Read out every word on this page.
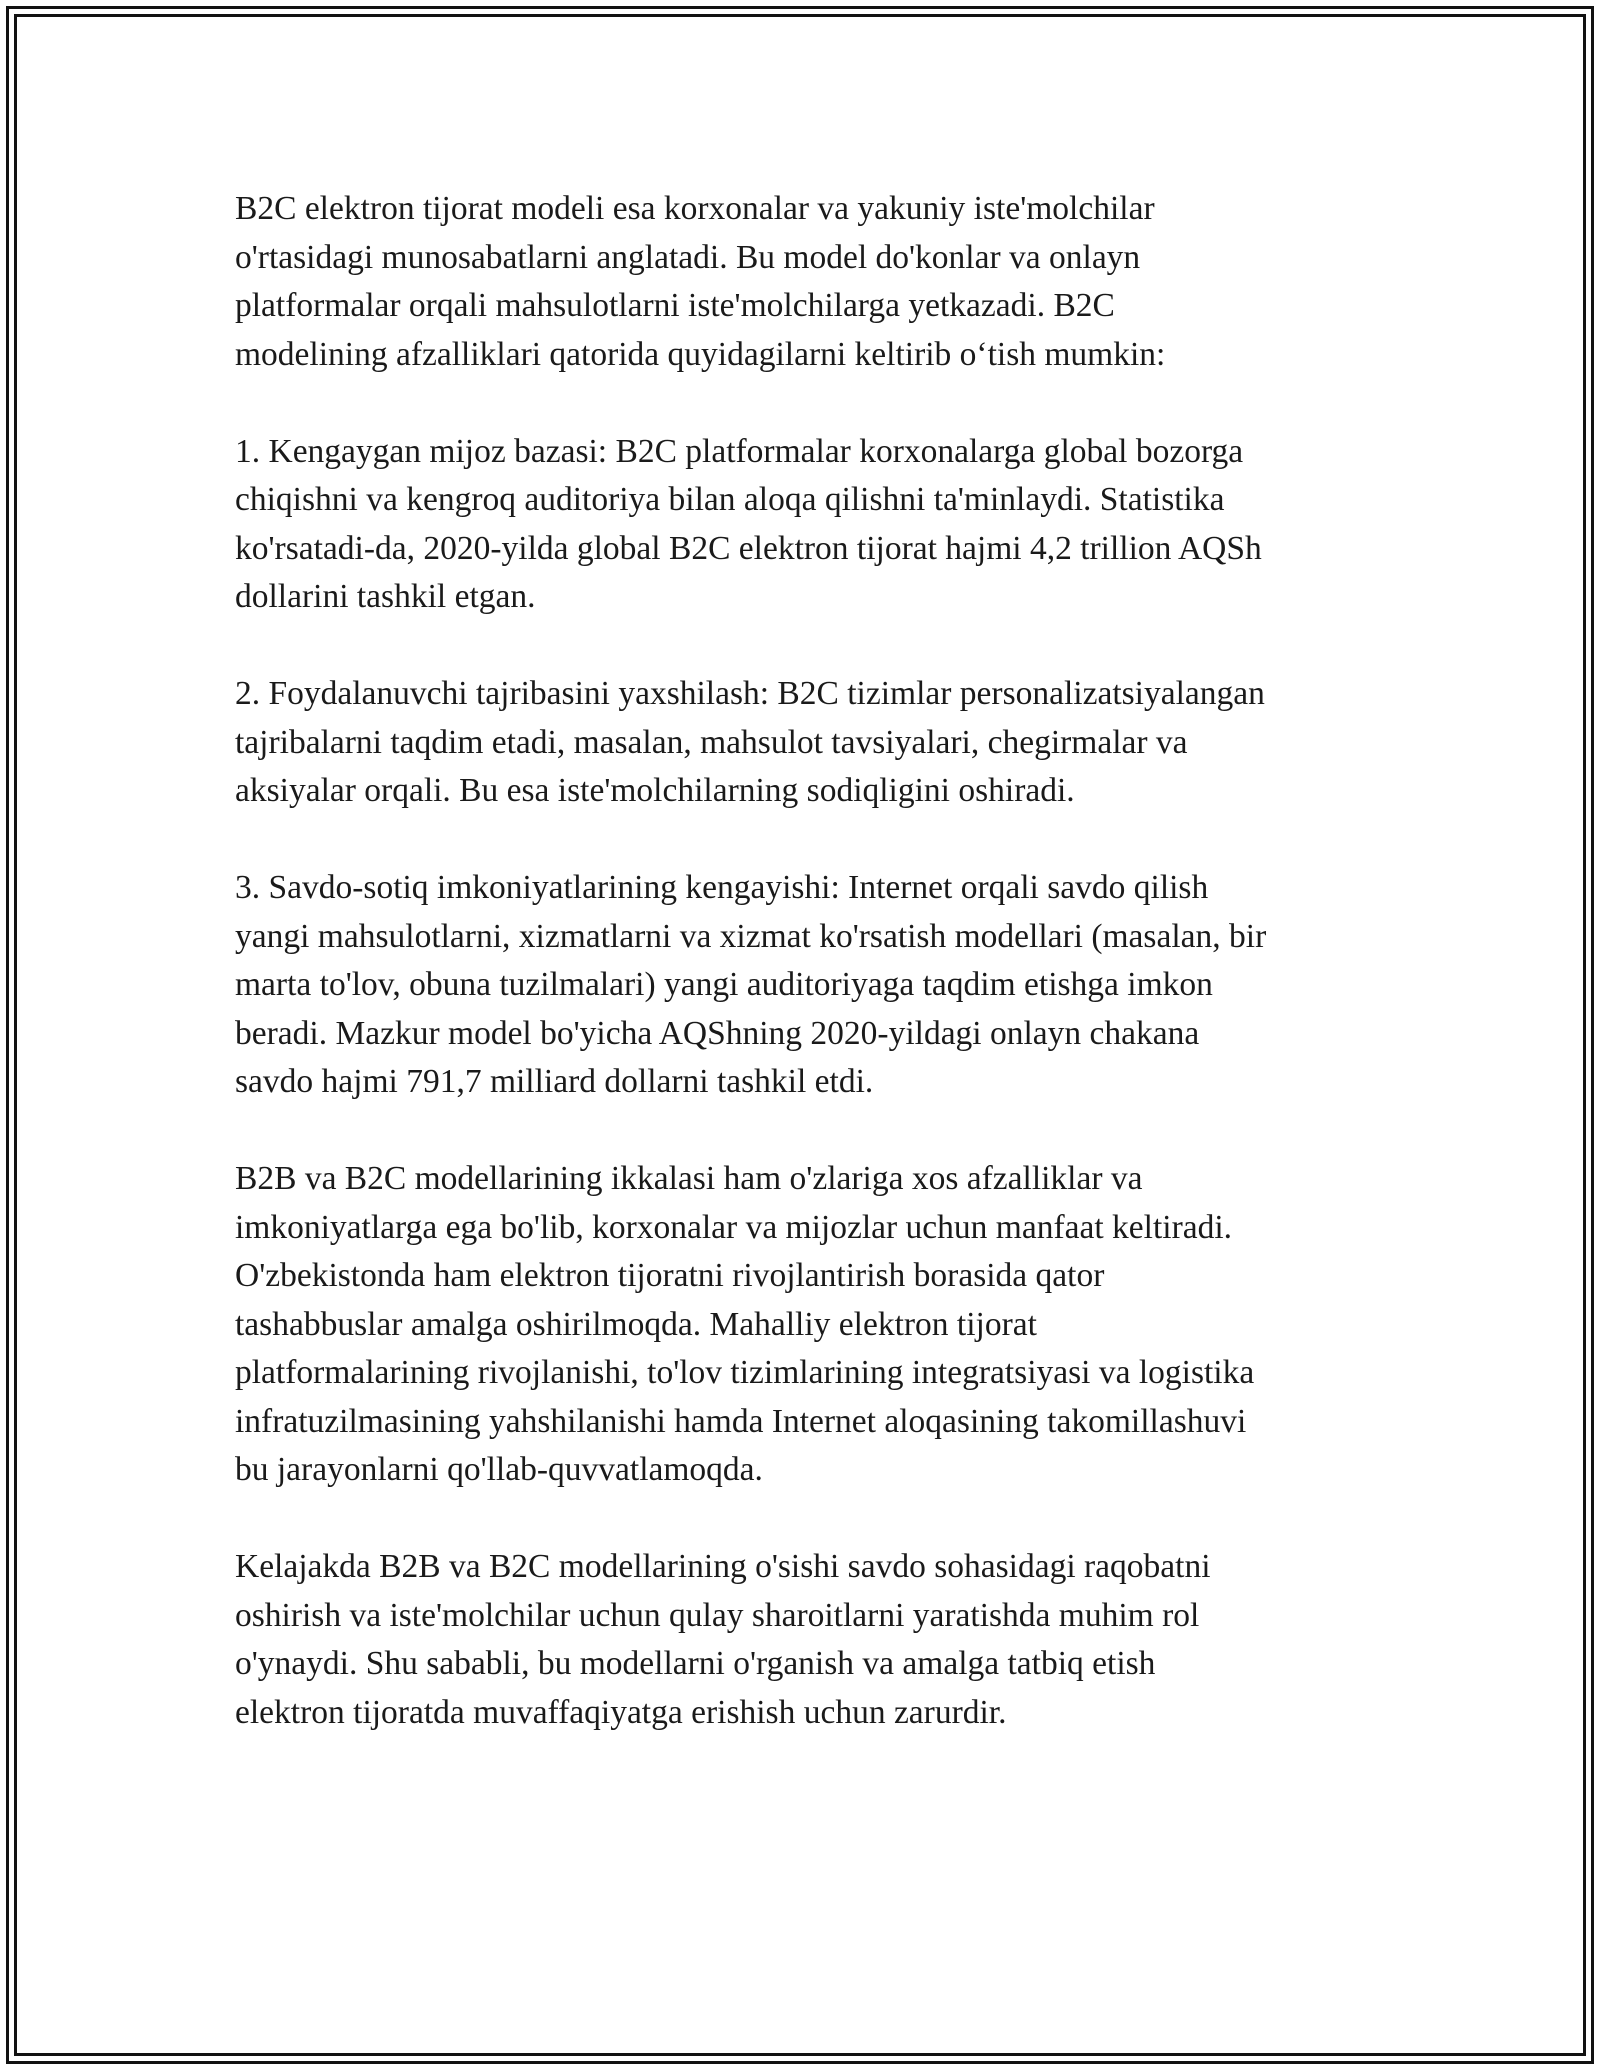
B2C elektron tijorat modeli esa korxonalar va yakuniy iste'molchilar
o'rtasidagi munosabatlarni anglatadi. Bu model do'konlar va onlayn
platformalar orqali mahsulotlarni iste'molchilarga yetkazadi. B2C
modelining afzalliklari qatorida quyidagilarni keltirib o‘tish mumkin:

1. Kengaygan mijoz bazasi: B2C platformalar korxonalarga global bozorga
chiqishni va kengroq auditoriya bilan aloqa qilishni ta'minlaydi. Statistika
ko'rsatadi-da, 2020-yilda global B2C elektron tijorat hajmi 4,2 trillion AQSh
dollarini tashkil etgan.

2. Foydalanuvchi tajribasini yaxshilash: B2C tizimlar personalizatsiyalangan
tajribalarni taqdim etadi, masalan, mahsulot tavsiyalari, chegirmalar va
aksiyalar orqali. Bu esa iste'molchilarning sodiqligini oshiradi.

3. Savdo-sotiq imkoniyatlarining kengayishi: Internet orqali savdo qilish
yangi mahsulotlarni, xizmatlarni va xizmat ko'rsatish modellari (masalan, bir
marta to'lov, obuna tuzilmalari) yangi auditoriyaga taqdim etishga imkon
beradi. Mazkur model bo'yicha AQShning 2020-yildagi onlayn chakana
savdo hajmi 791,7 milliard dollarni tashkil etdi.

B2B va B2C modellarining ikkalasi ham o'zlariga xos afzalliklar va
imkoniyatlarga ega bo'lib, korxonalar va mijozlar uchun manfaat keltiradi.
O'zbekistonda ham elektron tijoratni rivojlantirish borasida qator
tashabbuslar amalga oshirilmoqda. Mahalliy elektron tijorat
platformalarining rivojlanishi, to'lov tizimlarining integratsiyasi va logistika
infratuzilmasining yahshilanishi hamda Internet aloqasining takomillashuvi
bu jarayonlarni qo'llab-quvvatlamoqda.

Kelajakda B2B va B2C modellarining o'sishi savdo sohasidagi raqobatni
oshirish va iste'molchilar uchun qulay sharoitlarni yaratishda muhim rol
o'ynaydi. Shu sababli, bu modellarni o'rganish va amalga tatbiq etish
elektron tijoratda muvaffaqiyatga erishish uchun zarurdir.
